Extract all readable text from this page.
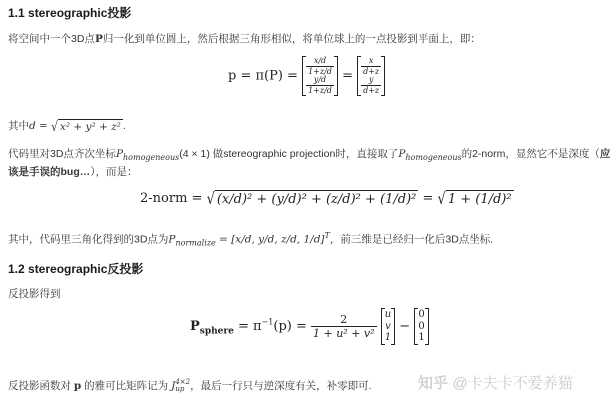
1.1 stereographic投影
将空间中一个3D点P归一化到单位圆上，然后根据三角形相似，将单位球上的一点投影到平面上，即：
$p = \pi(P) = \frac{x/d}{1+z/d}$

$\frac{y/d}{1+z/d} = \frac{x}{d+z}$

$\frac{y}{d+z}$
其中d = √ x² + y² + z² .
代码里对3D点齐次坐标$P_{homogeneous}(4 \times 1)$ 做stereographic projection时，直接取了$P_{homogeneous}$的2-norm，显然它不是深度（应
该是手误的bug…），而是：
2-norm = √ (x/d)² + (y/d)² + (z/d)² + (1/d)² = √ 1 + (1/d)²
其中，代码里三角化得到的3D点为$P_{normalize} = [x/d$, y/d, z/d, 1/d]$^T$，前三维是已经归一化后3D点坐标.
1.2 stereographic反投影
反投影得到
$P_{sphere} = \pi^{-1}(p) = \frac{2}{\text{1 + u² + v²}}$
u
v
1
−
0
0
1
反投影函数对 p 的雅可比矩阵记为 J 4×2
up ，最后一行只与逆深度有关，补零即可.	知乎 @卡夫卡不爱养猫
